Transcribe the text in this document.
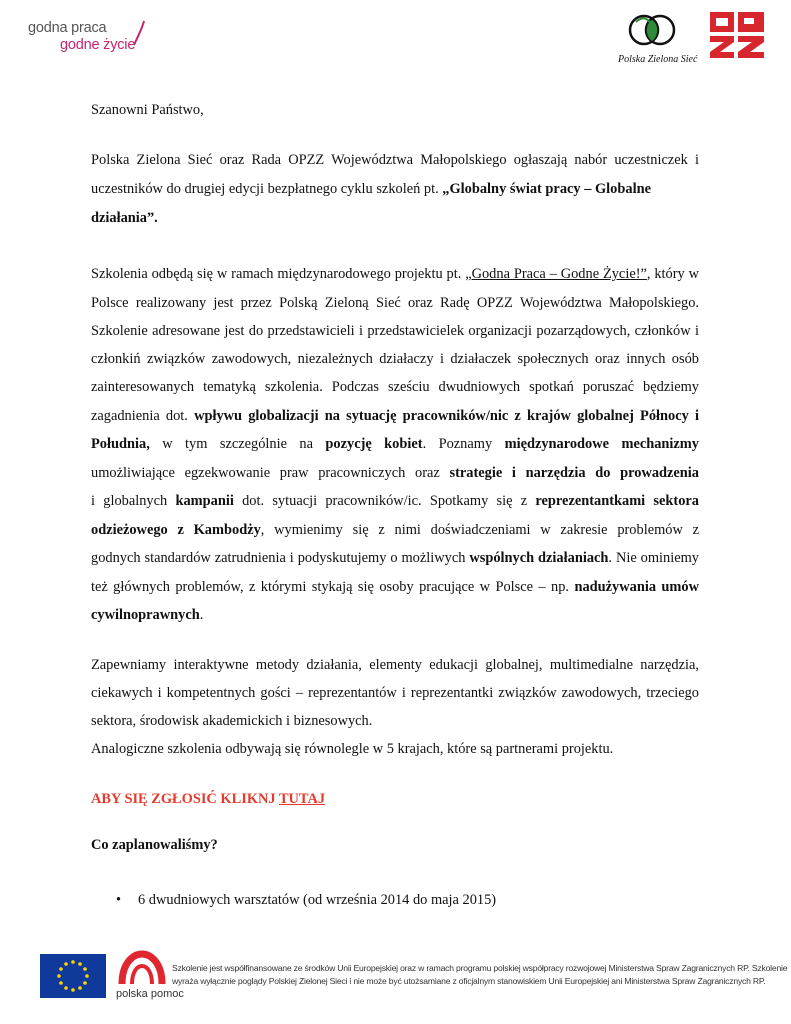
godna praca
godne życie
Polska Zielona Sieć
Szanowni Państwo,
Polska Zielona Sieć oraz Rada OPZZ Województwa Małopolskiego ogłaszają nabór uczestniczek i
uczestników do drugiej edycji bezpłatnego cyklu szkoleń pt. „Globalny świat pracy – Globalne
działania”.
Szkolenia odbędą się w ramach międzynarodowego projektu pt. „Godna Praca – Godne Życie!”, który w
Polsce realizowany jest przez Polską Zieloną Sieć oraz Radę OPZZ Województwa Małopolskiego.
Szkolenie adresowane jest do przedstawicieli i przedstawicielek organizacji pozarządowych, członków i
członkiń związków zawodowych, niezależnych działaczy i działaczek społecznych oraz innych osób
zainteresowanych tematyką szkolenia. Podczas sześciu dwudniowych spotkań poruszać będziemy
zagadnienia dot. wpływu globalizacji na sytuację pracowników/nic z krajów globalnej Północy i
Południa, w tym szczególnie na pozycję kobiet. Poznamy międzynarodowe mechanizmy
umożliwiające egzekwowanie praw pracowniczych oraz strategie i narzędzia do prowadzenia
i globalnych kampanii dot. sytuacji pracowników/ic. Spotkamy się z reprezentantkami sektora
odzieżowego z Kambodży, wymienimy się z nimi doświadczeniami w zakresie problemów z
godnych standardów zatrudnienia i podyskutujemy o możliwych wspólnych działaniach. Nie ominiemy
też głównych problemów, z którymi stykają się osoby pracujące w Polsce – np. nadużywania umów
cywilnoprawnych.
Zapewniamy interaktywne metody działania, elementy edukacji globalnej, multimedialne narzędzia,
ciekawych i kompetentnych gości – reprezentantów i reprezentantki związków zawodowych, trzeciego
sektora, środowisk akademickich i biznesowych.
Analogiczne szkolenia odbywają się równolegle w 5 krajach, które są partnerami projektu.
ABY SIĘ ZGŁOSIĆ KLIKNJ TUTAJ
Co zaplanowaliśmy?
• 6 dwudniowych warsztatów (od września 2014 do maja 2015)
polska pomoc
Szkolenie jest współfinansowane ze środków Unii Europejskiej oraz w ramach programu polskiej współpracy rozwojowej Ministerstwa Spraw Zagranicznych RP. Szkolenie
wyraża wyłącznie poglądy Polskiej Zielonej Sieci i nie może być utożsamiane z oficjalnym stanowiskiem Unii Europejskiej ani Ministerstwa Spraw Zagranicznych RP.
